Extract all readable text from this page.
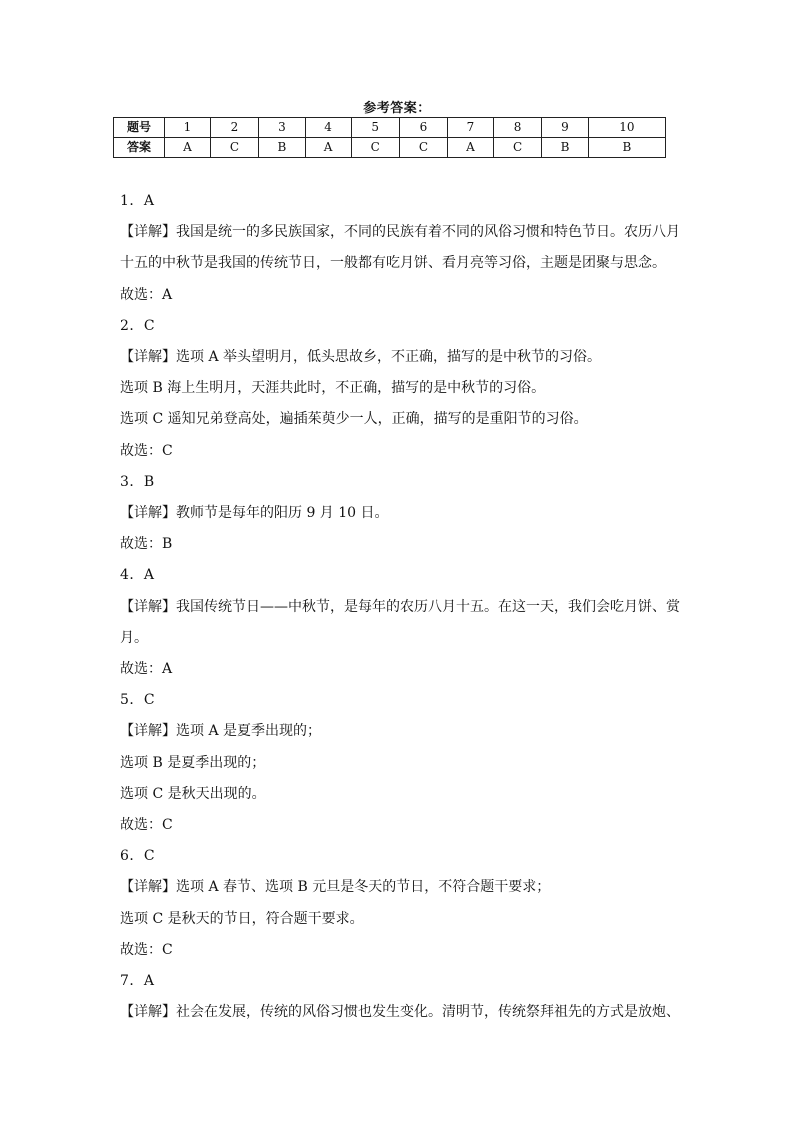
参考答案：
题号	1	2	3	4	5	6	7	8	9	10
答案	A	C	B	A	C	C	A	C	B	B
1．A
【详解】我国是统一的多民族国家，不同的民族有着不同的风俗习惯和特色节日。农历八月
十五的中秋节是我国的传统节日，一般都有吃月饼、看月亮等习俗，主题是团聚与思念。
故选：A
2．C
【详解】选项 A 举头望明月，低头思故乡，不正确，描写的是中秋节的习俗。
选项 B 海上生明月，天涯共此时，不正确，描写的是中秋节的习俗。
选项 C 遥知兄弟登高处，遍插茱萸少一人，正确，描写的是重阳节的习俗。
故选：C
3．B
【详解】教师节是每年的阳历 9 月 10 日。
故选：B
4．A
【详解】我国传统节日——中秋节，是每年的农历八月十五。在这一天，我们会吃月饼、赏
月。
故选：A
5．C
【详解】选项 A 是夏季出现的；
选项 B 是夏季出现的；
选项 C 是秋天出现的。
故选：C
6．C
【详解】选项 A 春节、选项 B 元旦是冬天的节日，不符合题干要求；
选项 C 是秋天的节日，符合题干要求。
故选：C
7．A
【详解】社会在发展，传统的风俗习惯也发生变化。清明节，传统祭拜祖先的方式是放炮、
